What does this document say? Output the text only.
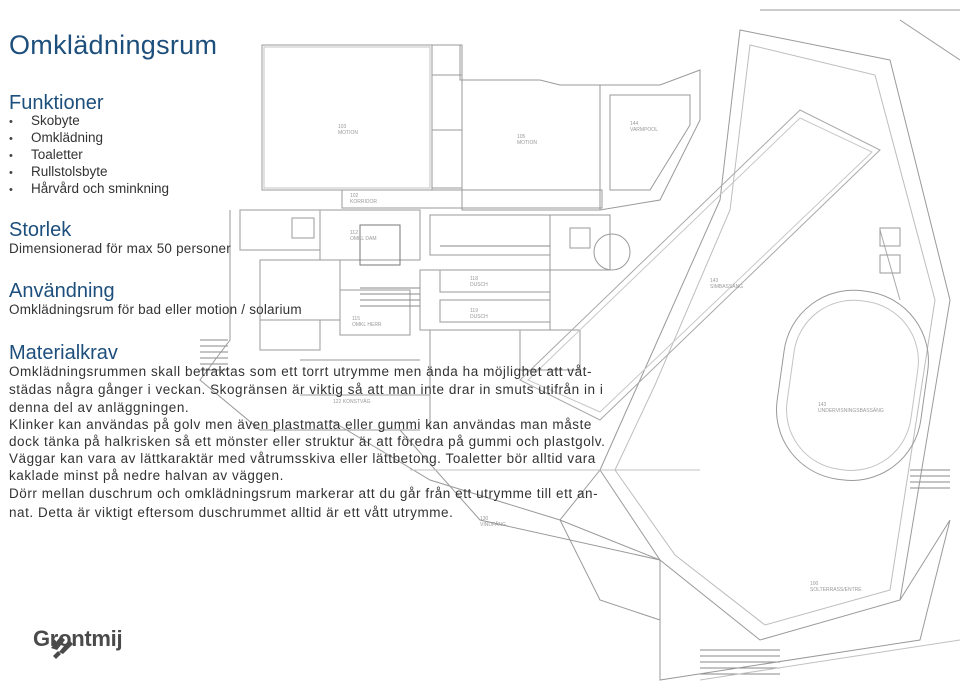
103
MOTION
105
MOTION
144
VARMPOOL
102
KORRIDOR
112
OMKL DAM
115
OMKL HERR
118
DUSCH
119
DUSCH
143
SIMBASSÄNG
143
UNDERVISNINGSBASSÄNG
100
SOLTERRASS/ENTRE
122 KONSTVÄG
130
VINDFÅNG
Omklädningsrum
Funktioner
• Skobyte
• Omklädning
• Toaletter
• Rullstolsbyte
• Hårvård och sminkning
Storlek
Dimensionerad för max 50 personer
Användning
Omklädningsrum för bad eller motion / solarium
Materialkrav
Omklädningsrummen skall betraktas som ett torrt utrymme men ända ha möjlighet att våt-
städas några gånger i veckan. Skogränsen är viktig så att man inte drar in smuts utifrån in i
denna del av anläggningen.
Klinker kan användas på golv men även plastmatta eller gummi kan användas man måste
dock tänka på halkrisken så ett mönster eller struktur är att föredra på gummi och plastgolv.
Väggar kan vara av lättkaraktär med våtrumsskiva eller lättbetong. Toaletter bör alltid vara
kaklade minst på nedre halvan av väggen.
Dörr mellan duschrum och omklädningsrum markerar att du går från ett utrymme till ett an-
nat. Detta är viktigt eftersom duschrummet alltid är ett vått utrymme.
Grontmij
